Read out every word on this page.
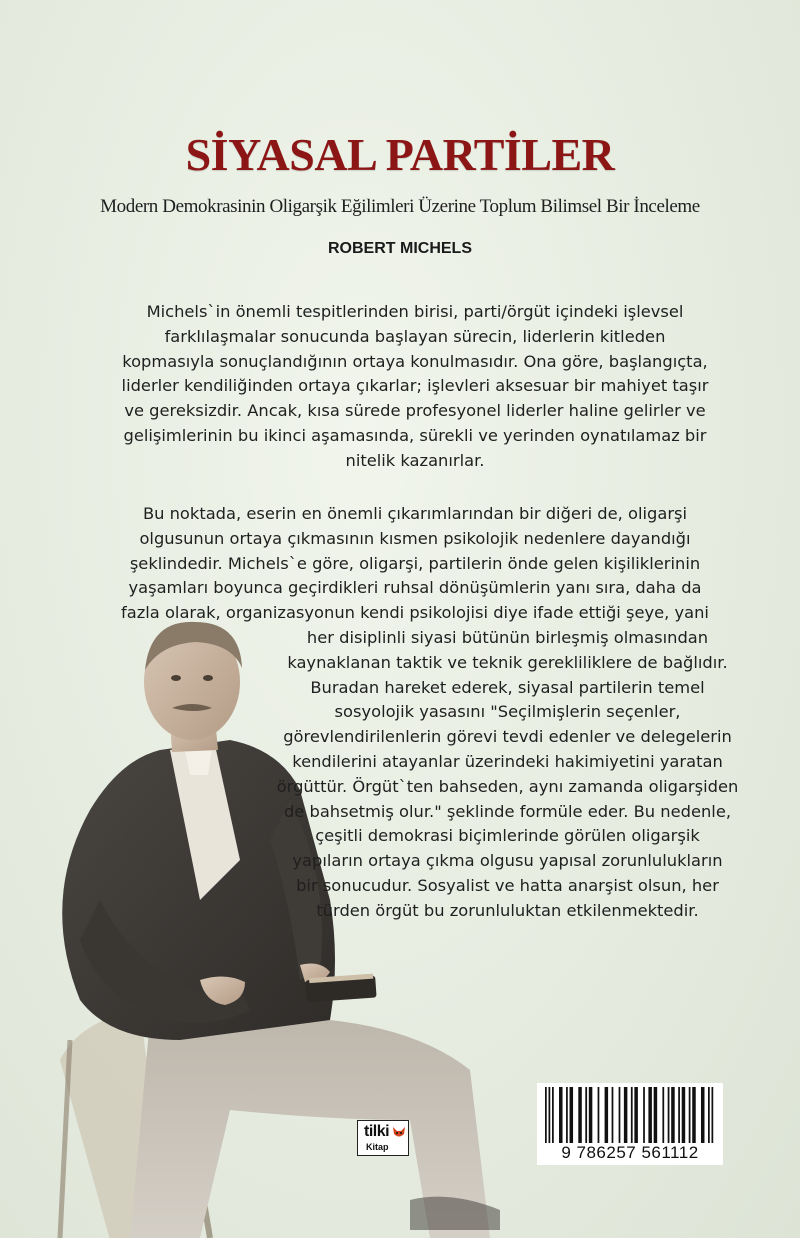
SİYASAL PARTİLER
Modern Demokrasinin Oligarşik Eğilimleri Üzerine Toplum Bilimsel Bir İnceleme
ROBERT MICHELS
Michels`in önemli tespitlerinden birisi, parti/örgüt içindeki işlevsel
farklılaşmalar sonucunda başlayan sürecin, liderlerin kitleden
kopmasıyla sonuçlandığının ortaya konulmasıdır. Ona göre, başlangıçta,
liderler kendiliğinden ortaya çıkarlar; işlevleri aksesuar bir mahiyet taşır
ve gereksizdir. Ancak, kısa sürede profesyonel liderler haline gelirler ve
gelişimlerinin bu ikinci aşamasında, sürekli ve yerinden oynatılamaz bir
nitelik kazanırlar.
Bu noktada, eserin en önemli çıkarımlarından bir diğeri de, oligarşi
olgusunun ortaya çıkmasının kısmen psikolojik nedenlere dayandığı
şeklindedir. Michels`e göre, oligarşi, partilerin önde gelen kişiliklerinin
yaşamları boyunca geçirdikleri ruhsal dönüşümlerin yanı sıra, daha da
fazla olarak, organizasyonun kendi psikolojisi diye ifade ettiği şeye, yani
her disiplinli siyasi bütünün birleşmiş olmasından
kaynaklanan taktik ve teknik gerekliliklere de bağlıdır.
Buradan hareket ederek, siyasal partilerin temel
sosyolojik yasasını "Seçilmişlerin seçenler,
görevlendirilenlerin görevi tevdi edenler ve delegelerin
kendilerini atayanlar üzerindeki hakimiyetini yaratan
örgüttür. Örgüt`ten bahseden, aynı zamanda oligarşiden
de bahsetmiş olur." şeklinde formüle eder. Bu nedenle,
çeşitli demokrasi biçimlerinde görülen oligarşik
yapıların ortaya çıkma olgusu yapısal zorunlulukların
bir sonucudur. Sosyalist ve hatta anarşist olsun, her
türden örgüt bu zorunluluktan etkilenmektedir.
tilki
Kitap	9 786257 561112
